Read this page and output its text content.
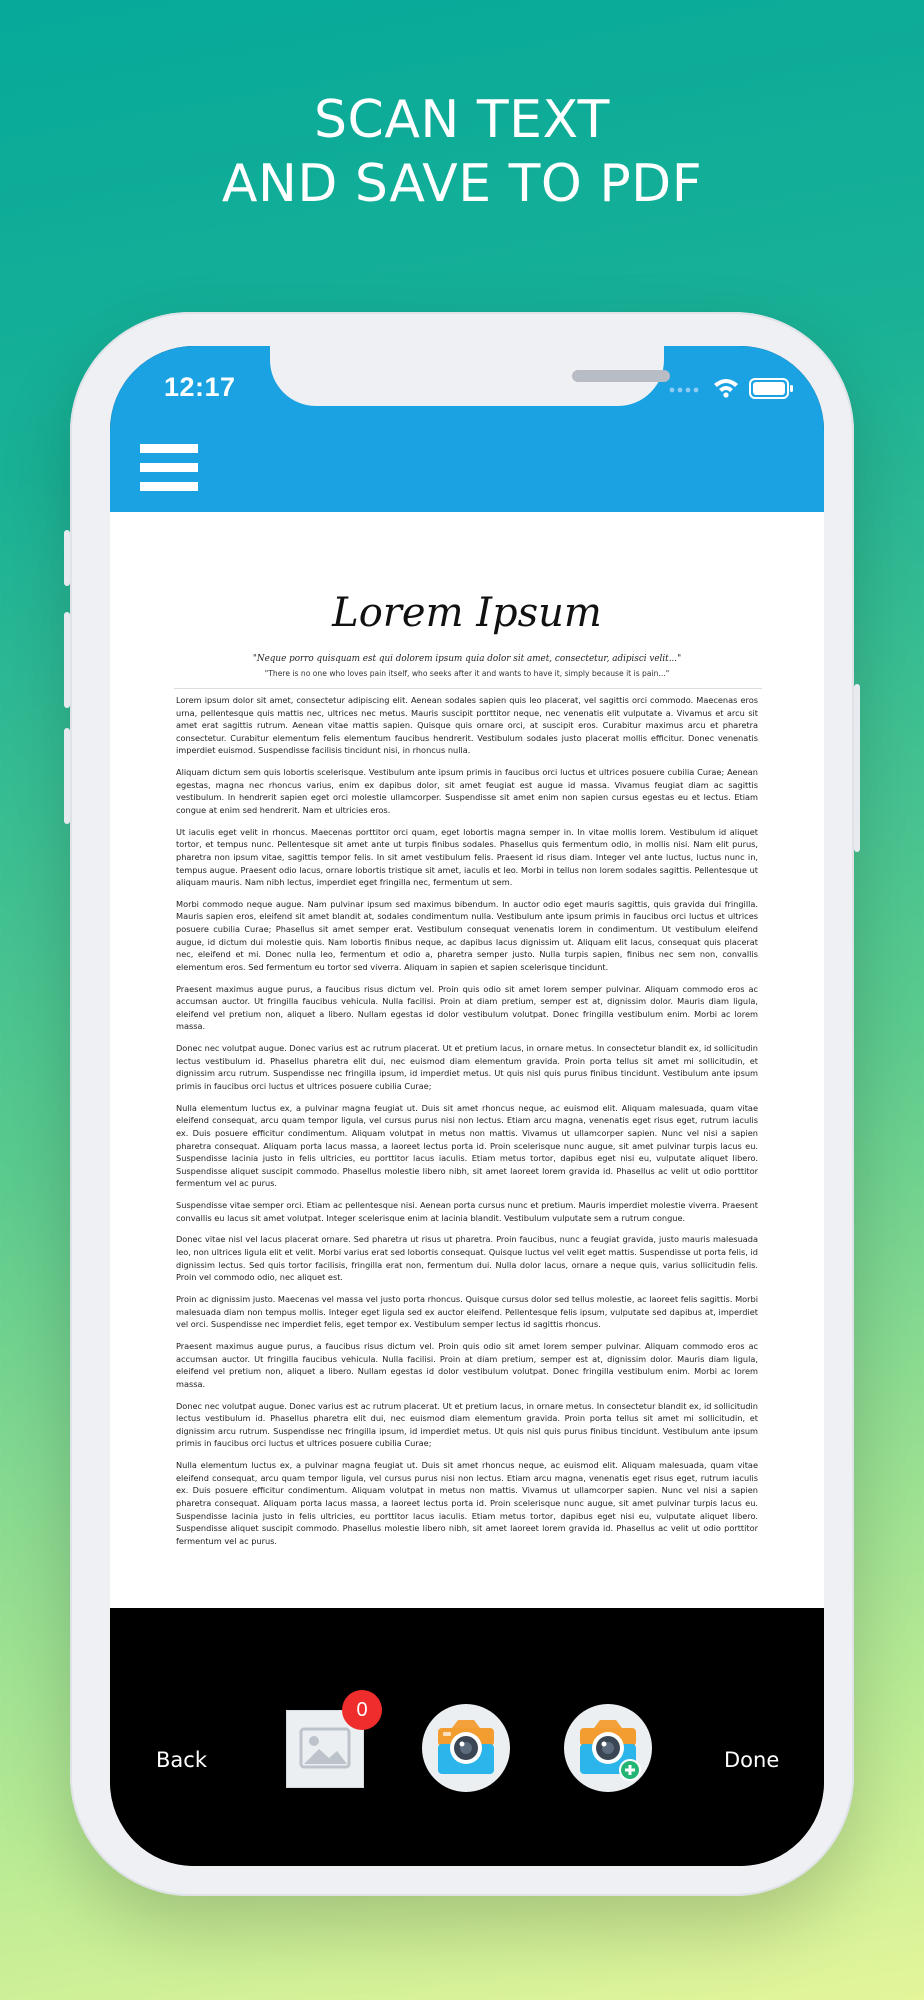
SCAN TEXT
AND SAVE TO PDF
12:17
Lorem Ipsum
"Neque porro quisquam est qui dolorem ipsum quia dolor sit amet, consectetur, adipisci velit..."
"There is no one who loves pain itself, who seeks after it and wants to have it, simply because it is pain..."

Lorem ipsum dolor sit amet, consectetur adipiscing elit. Aenean sodales sapien quis leo placerat, vel sagittis orci commodo. Maecenas eros urna, pellentesque quis mattis nec, ultrices nec metus. Mauris suscipit porttitor neque, nec venenatis elit vulputate a. Vivamus et arcu sit amet erat sagittis rutrum. Aenean vitae mattis sapien. Quisque quis ornare orci, at suscipit eros. Curabitur maximus arcu et pharetra consectetur. Curabitur elementum felis elementum faucibus hendrerit. Vestibulum sodales justo placerat mollis efficitur. Donec venenatis imperdiet euismod. Suspendisse facilisis tincidunt nisi, in rhoncus nulla.

Aliquam dictum sem quis lobortis scelerisque. Vestibulum ante ipsum primis in faucibus orci luctus et ultrices posuere cubilia Curae; Aenean egestas, magna nec rhoncus varius, enim ex dapibus dolor, sit amet feugiat est augue id massa. Vivamus feugiat diam ac sagittis vestibulum. In hendrerit sapien eget orci molestie ullamcorper. Suspendisse sit amet enim non sapien cursus egestas eu et lectus. Etiam congue at enim sed hendrerit. Nam et ultricies eros.

Ut iaculis eget velit in rhoncus. Maecenas porttitor orci quam, eget lobortis magna semper in. In vitae mollis lorem. Vestibulum id aliquet tortor, et tempus nunc. Pellentesque sit amet ante ut turpis finibus sodales. Phasellus quis fermentum odio, in mollis nisi. Nam elit purus, pharetra non ipsum vitae, sagittis tempor felis. In sit amet vestibulum felis. Praesent id risus diam. Integer vel ante luctus, luctus nunc in, tempus augue. Praesent odio lacus, ornare lobortis tristique sit amet, iaculis et leo. Morbi in tellus non lorem sodales sagittis. Pellentesque ut aliquam mauris. Nam nibh lectus, imperdiet eget fringilla nec, fermentum ut sem.

Morbi commodo neque augue. Nam pulvinar ipsum sed maximus bibendum. In auctor odio eget mauris sagittis, quis gravida dui fringilla. Mauris sapien eros, eleifend sit amet blandit at, sodales condimentum nulla. Vestibulum ante ipsum primis in faucibus orci luctus et ultrices posuere cubilia Curae; Phasellus sit amet semper erat. Vestibulum consequat venenatis lorem in condimentum. Ut vestibulum eleifend augue, id dictum dui molestie quis. Nam lobortis finibus neque, ac dapibus lacus dignissim ut. Aliquam elit lacus, consequat quis placerat nec, eleifend et mi. Donec nulla leo, fermentum et odio a, pharetra semper justo. Nulla turpis sapien, finibus nec sem non, convallis elementum eros. Sed fermentum eu tortor sed viverra. Aliquam in sapien et sapien scelerisque tincidunt.

Praesent maximus augue purus, a faucibus risus dictum vel. Proin quis odio sit amet lorem semper pulvinar. Aliquam commodo eros ac accumsan auctor. Ut fringilla faucibus vehicula. Nulla facilisi. Proin at diam pretium, semper est at, dignissim dolor. Mauris diam ligula, eleifend vel pretium non, aliquet a libero. Nullam egestas id dolor vestibulum volutpat. Donec fringilla vestibulum enim. Morbi ac lorem massa.

Donec nec volutpat augue. Donec varius est ac rutrum placerat. Ut et pretium lacus, in ornare metus. In consectetur blandit ex, id sollicitudin lectus vestibulum id. Phasellus pharetra elit dui, nec euismod diam elementum gravida. Proin porta tellus sit amet mi sollicitudin, et dignissim arcu rutrum. Suspendisse nec fringilla ipsum, id imperdiet metus. Ut quis nisl quis purus finibus tincidunt. Vestibulum ante ipsum primis in faucibus orci luctus et ultrices posuere cubilia Curae;

Nulla elementum luctus ex, a pulvinar magna feugiat ut. Duis sit amet rhoncus neque, ac euismod elit. Aliquam malesuada, quam vitae eleifend consequat, arcu quam tempor ligula, vel cursus purus nisi non lectus. Etiam arcu magna, venenatis eget risus eget, rutrum iaculis ex. Duis posuere efficitur condimentum. Aliquam volutpat in metus non mattis. Vivamus ut ullamcorper sapien. Nunc vel nisi a sapien pharetra consequat. Aliquam porta lacus massa, a laoreet lectus porta id. Proin scelerisque nunc augue, sit amet pulvinar turpis lacus eu. Suspendisse lacinia justo in felis ultricies, eu porttitor lacus iaculis. Etiam metus tortor, dapibus eget nisi eu, vulputate aliquet libero. Suspendisse aliquet suscipit commodo. Phasellus molestie libero nibh, sit amet laoreet lorem gravida id. Phasellus ac velit ut odio porttitor fermentum vel ac purus.

Suspendisse vitae semper orci. Etiam ac pellentesque nisi. Aenean porta cursus nunc et pretium. Mauris imperdiet molestie viverra. Praesent convallis eu lacus sit amet volutpat. Integer scelerisque enim at lacinia blandit. Vestibulum vulputate sem a rutrum congue.

Donec vitae nisl vel lacus placerat ornare. Sed pharetra ut risus ut pharetra. Proin faucibus, nunc a feugiat gravida, justo mauris malesuada leo, non ultrices ligula elit et velit. Morbi varius erat sed lobortis consequat. Quisque luctus vel velit eget mattis. Suspendisse ut porta felis, id dignissim lectus. Sed quis tortor facilisis, fringilla erat non, fermentum dui. Nulla dolor lacus, ornare a neque quis, varius sollicitudin felis. Proin vel commodo odio, nec aliquet est.

Proin ac dignissim justo. Maecenas vel massa vel justo porta rhoncus. Quisque cursus dolor sed tellus molestie, ac laoreet felis sagittis. Morbi malesuada diam non tempus mollis. Integer eget ligula sed ex auctor eleifend. Pellentesque felis ipsum, vulputate sed dapibus at, imperdiet vel orci. Suspendisse nec imperdiet felis, eget tempor ex. Vestibulum semper lectus id sagittis rhoncus.

Praesent maximus augue purus, a faucibus risus dictum vel. Proin quis odio sit amet lorem semper pulvinar. Aliquam commodo eros ac accumsan auctor. Ut fringilla faucibus vehicula. Nulla facilisi. Proin at diam pretium, semper est at, dignissim dolor. Mauris diam ligula, eleifend vel pretium non, aliquet a libero. Nullam egestas id dolor vestibulum volutpat. Donec fringilla vestibulum enim. Morbi ac lorem massa.

Donec nec volutpat augue. Donec varius est ac rutrum placerat. Ut et pretium lacus, in ornare metus. In consectetur blandit ex, id sollicitudin lectus vestibulum id. Phasellus pharetra elit dui, nec euismod diam elementum gravida. Proin porta tellus sit amet mi sollicitudin, et dignissim arcu rutrum. Suspendisse nec fringilla ipsum, id imperdiet metus. Ut quis nisl quis purus finibus tincidunt. Vestibulum ante ipsum primis in faucibus orci luctus et ultrices posuere cubilia Curae;

Nulla elementum luctus ex, a pulvinar magna feugiat ut. Duis sit amet rhoncus neque, ac euismod elit. Aliquam malesuada, quam vitae eleifend consequat, arcu quam tempor ligula, vel cursus purus nisi non lectus. Etiam arcu magna, venenatis eget risus eget, rutrum iaculis ex. Duis posuere efficitur condimentum. Aliquam volutpat in metus non mattis. Vivamus ut ullamcorper sapien. Nunc vel nisi a sapien pharetra consequat. Aliquam porta lacus massa, a laoreet lectus porta id. Proin scelerisque nunc augue, sit amet pulvinar turpis lacus eu. Suspendisse lacinia justo in felis ultricies, eu porttitor lacus iaculis. Etiam metus tortor, dapibus eget nisi eu, vulputate aliquet libero. Suspendisse aliquet suscipit commodo. Phasellus molestie libero nibh, sit amet laoreet lorem gravida id. Phasellus ac velit ut odio porttitor fermentum vel ac purus.

Back
0
Done
